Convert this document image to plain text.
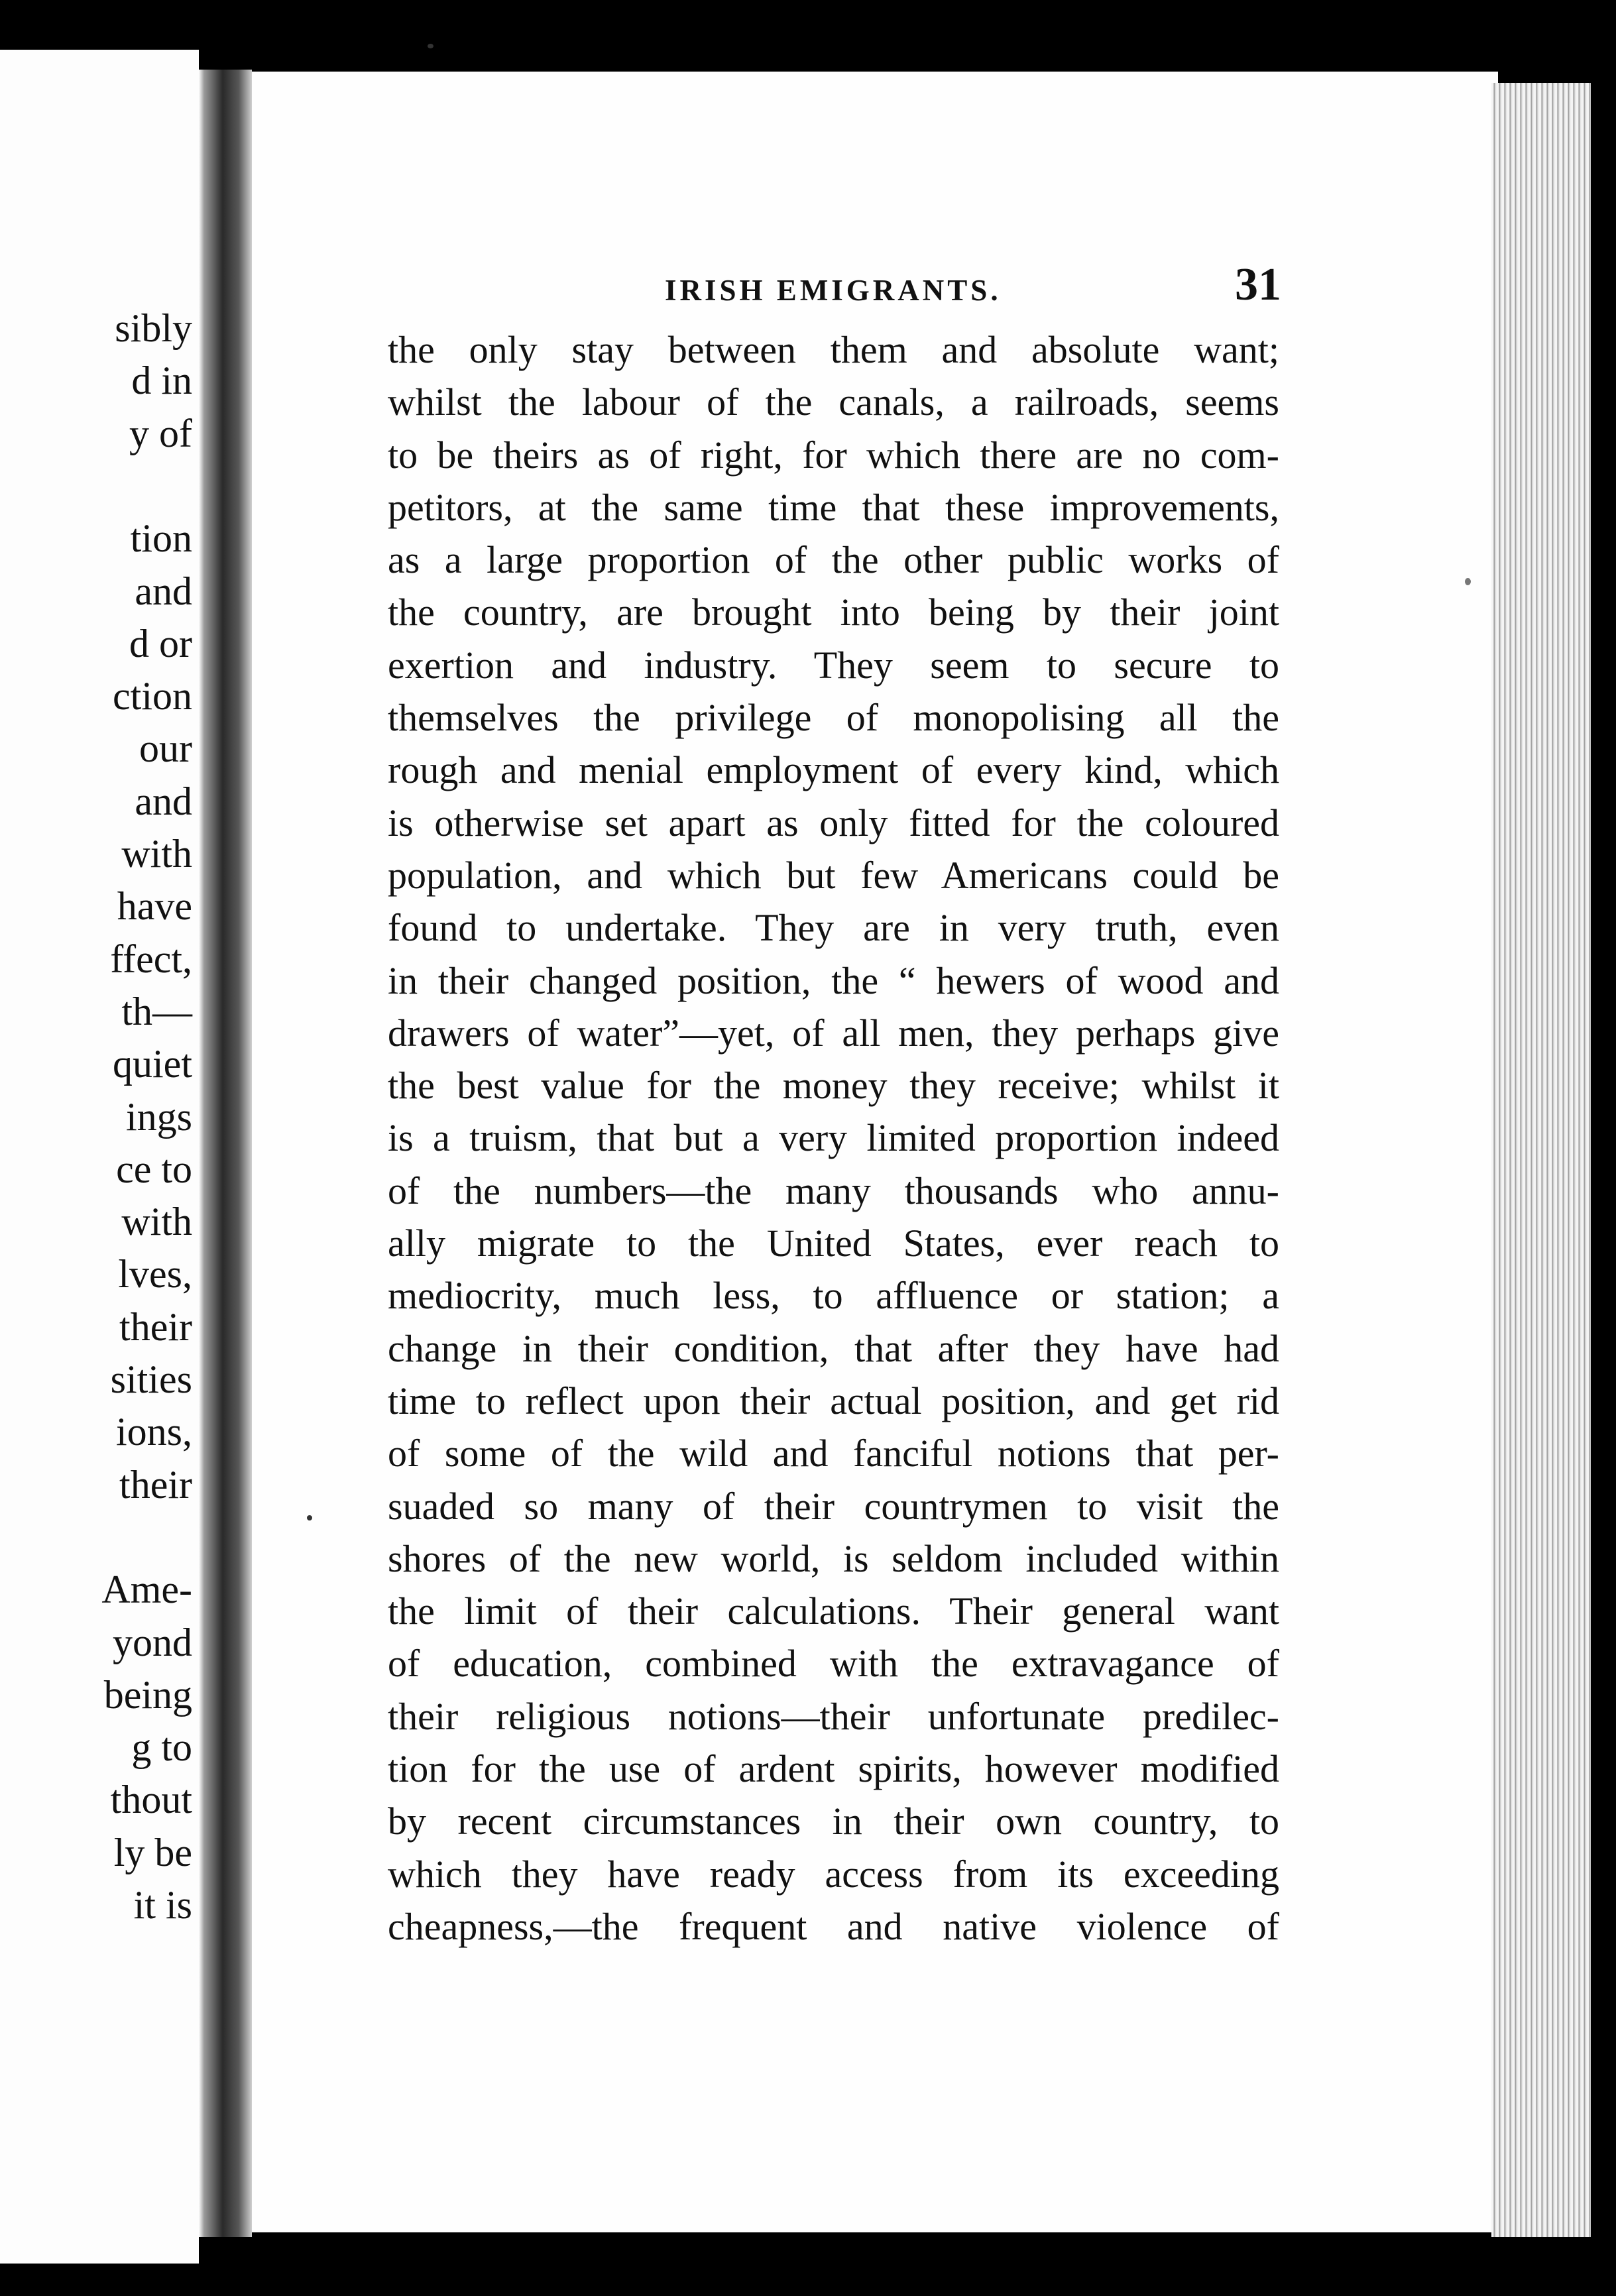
sibly
d in
y of
tion
and
d or
ction
our
and
with
have
ffect,
th—
quiet
ings
ce to
with
lves,
their
sities
ions,
their
Ame-
yond
being
g to
thout
ly be
it is
IRISH EMIGRANTS.	31
the only stay between them and absolute want;
whilst the labour of the canals, a railroads, seems
to be theirs as of right, for which there are no com-
petitors, at the same time that these improvements,
as a large proportion of the other public works of
the country, are brought into being by their joint
exertion and industry. They seem to secure to
themselves the privilege of monopolising all the
rough and menial employment of every kind, which
is otherwise set apart as only fitted for the coloured
population, and which but few Americans could be
found to undertake. They are in very truth, even
in their changed position, the “ hewers of wood and
drawers of water”—yet, of all men, they perhaps give
the best value for the money they receive; whilst it
is a truism, that but a very limited proportion indeed
of the numbers—the many thousands who annu-
ally migrate to the United States, ever reach to
mediocrity, much less, to affluence or station; a
change in their condition, that after they have had
time to reflect upon their actual position, and get rid
of some of the wild and fanciful notions that per-
suaded so many of their countrymen to visit the
shores of the new world, is seldom included within
the limit of their calculations. Their general want
of education, combined with the extravagance of
their religious notions—their unfortunate predilec-
tion for the use of ardent spirits, however modified
by recent circumstances in their own country, to
which they have ready access from its exceeding
cheapness,—the frequent and native violence of
